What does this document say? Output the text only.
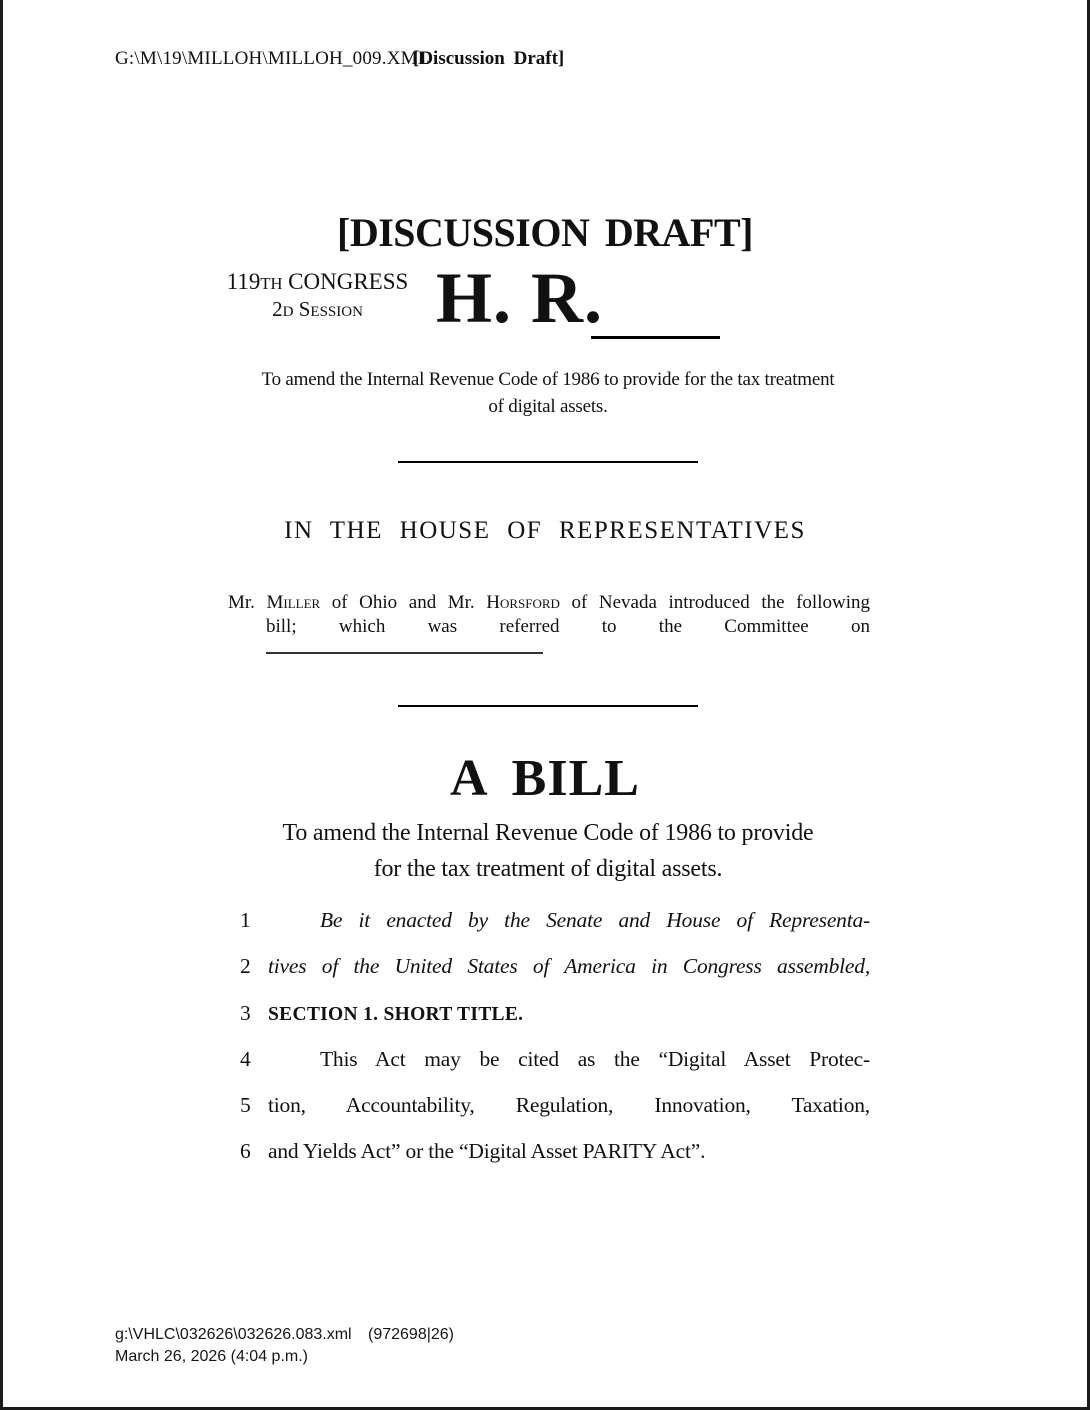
G:\M\19\MILLOH\MILLOH_009.XML
[Discussion Draft]
[DISCUSSION DRAFT]
119TH CONGRESS
2D Session	H. R.
To amend the Internal Revenue Code of 1986 to provide for the tax treatment
of digital assets.
IN THE HOUSE OF REPRESENTATIVES
Mr. Miller of Ohio and Mr. Horsford of Nevada introduced the following
bill; which was referred to the Committee on
A BILL
To amend the Internal Revenue Code of 1986 to provide
for the tax treatment of digital assets.
1	Be it enacted by the Senate and House of Representa-
2 tives of the United States of America in Congress assembled,
3 SECTION 1. SHORT TITLE.
4	This Act may be cited as the “Digital Asset Protec-
5 tion, Accountability, Regulation, Innovation, Taxation,
6 and Yields Act” or the “Digital Asset PARITY Act”.
g:\VHLC\032626\032626.083.xml (972698|26)
March 26, 2026 (4:04 p.m.)
